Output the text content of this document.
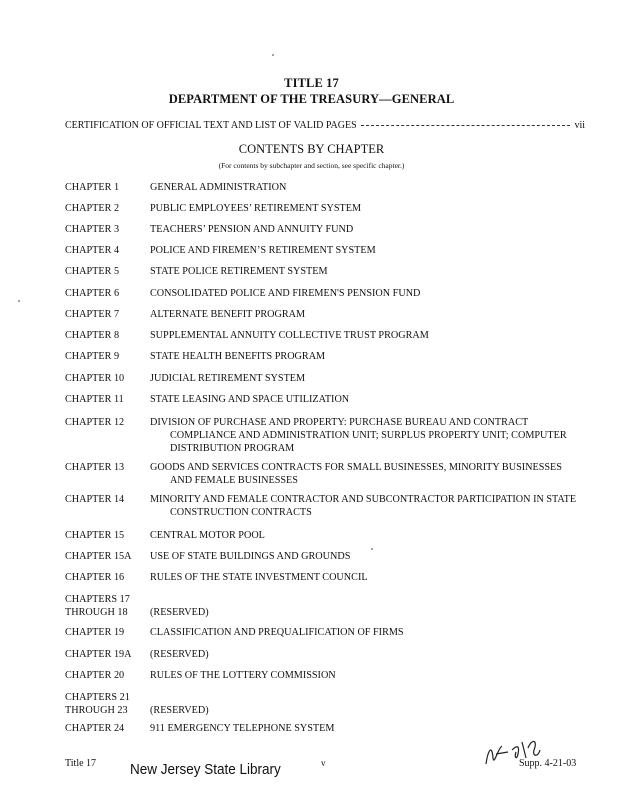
TITLE 17
DEPARTMENT OF THE TREASURY—GENERAL
CERTIFICATION OF OFFICIAL TEXT AND LIST OF VALID PAGES	vii
CONTENTS BY CHAPTER
(For contents by subchapter and section, see specific chapter.)
CHAPTER 1	GENERAL ADMINISTRATION
CHAPTER 2	PUBLIC EMPLOYEES’ RETIREMENT SYSTEM
CHAPTER 3	TEACHERS’ PENSION AND ANNUITY FUND
CHAPTER 4	POLICE AND FIREMEN’S RETIREMENT SYSTEM
CHAPTER 5	STATE POLICE RETIREMENT SYSTEM
CHAPTER 6	CONSOLIDATED POLICE AND FIREMEN'S PENSION FUND
CHAPTER 7	ALTERNATE BENEFIT PROGRAM
CHAPTER 8	SUPPLEMENTAL ANNUITY COLLECTIVE TRUST PROGRAM
CHAPTER 9	STATE HEALTH BENEFITS PROGRAM
CHAPTER 10	JUDICIAL RETIREMENT SYSTEM
CHAPTER 11	STATE LEASING AND SPACE UTILIZATION
CHAPTER 12	DIVISION OF PURCHASE AND PROPERTY: PURCHASE BUREAU AND CONTRACT
COMPLIANCE AND ADMINISTRATION UNIT; SURPLUS PROPERTY UNIT; COMPUTER
DISTRIBUTION PROGRAM
CHAPTER 13	GOODS AND SERVICES CONTRACTS FOR SMALL BUSINESSES, MINORITY BUSINESSES
AND FEMALE BUSINESSES
CHAPTER 14	MINORITY AND FEMALE CONTRACTOR AND SUBCONTRACTOR PARTICIPATION IN STATE
CONSTRUCTION CONTRACTS
CHAPTER 15	CENTRAL MOTOR POOL
CHAPTER 15A	USE OF STATE BUILDINGS AND GROUNDS
CHAPTER 16	RULES OF THE STATE INVESTMENT COUNCIL
CHAPTERS 17
THROUGH 18
	(RESERVED)
CHAPTER 19	CLASSIFICATION AND PREQUALIFICATION OF FIRMS
CHAPTER 19A	(RESERVED)
CHAPTER 20	RULES OF THE LOTTERY COMMISSION
CHAPTERS 21
THROUGH 23
	(RESERVED)
CHAPTER 24	911 EMERGENCY TELEPHONE SYSTEM
Title 17 New Jersey State Library	v	Supp. 4-21-03
